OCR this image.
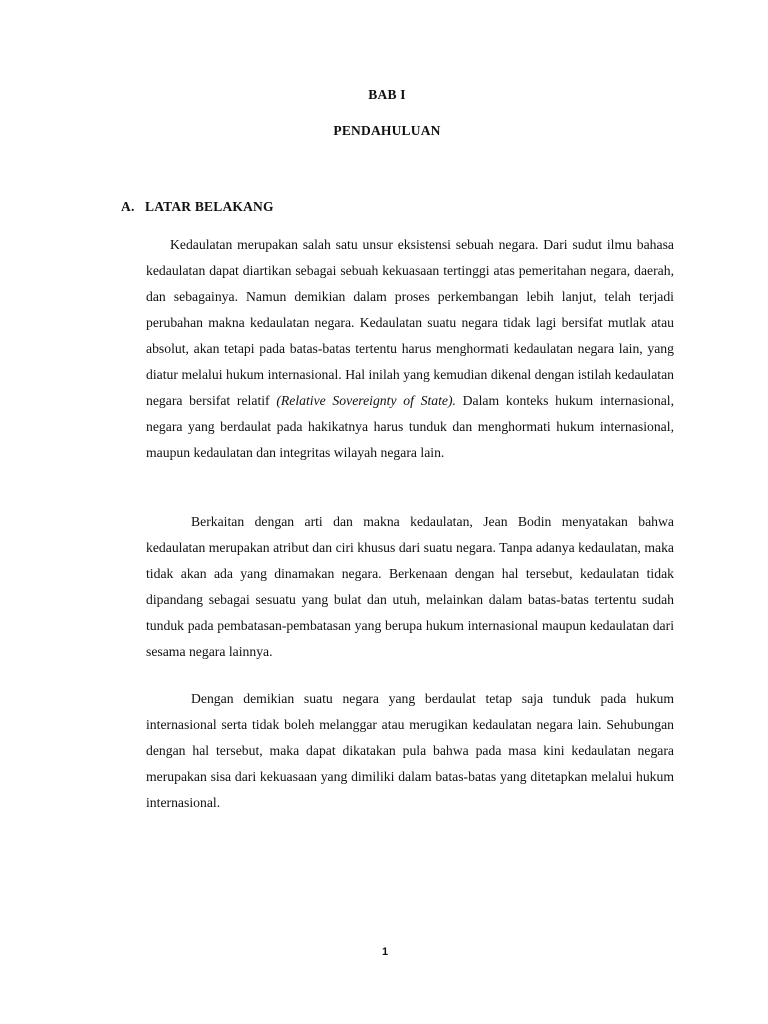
BAB I
PENDAHULUAN
A. LATAR BELAKANG

Kedaulatan merupakan salah satu unsur eksistensi sebuah negara. Dari sudut ilmu bahasa kedaulatan dapat diartikan sebagai sebuah kekuasaan tertinggi atas pemeritahan negara, daerah, dan sebagainya. Namun demikian dalam proses perkembangan lebih lanjut, telah terjadi perubahan makna kedaulatan negara. Kedaulatan suatu negara tidak lagi bersifat mutlak atau absolut, akan tetapi pada batas-batas tertentu harus menghormati kedaulatan negara lain, yang diatur melalui hukum internasional. Hal inilah yang kemudian dikenal dengan istilah kedaulatan negara bersifat relatif (Relative Sovereignty of State). Dalam konteks hukum internasional, negara yang berdaulat pada hakikatnya harus tunduk dan menghormati hukum internasional, maupun kedaulatan dan integritas wilayah negara lain.

Berkaitan dengan arti dan makna kedaulatan, Jean Bodin menyatakan bahwa kedaulatan merupakan atribut dan ciri khusus dari suatu negara. Tanpa adanya kedaulatan, maka tidak akan ada yang dinamakan negara. Berkenaan dengan hal tersebut, kedaulatan tidak dipandang sebagai sesuatu yang bulat dan utuh, melainkan dalam batas-batas tertentu sudah tunduk pada pembatasan-pembatasan yang berupa hukum internasional maupun kedaulatan dari sesama negara lainnya.

Dengan demikian suatu negara yang berdaulat tetap saja tunduk pada hukum internasional serta tidak boleh melanggar atau merugikan kedaulatan negara lain. Sehubungan dengan hal tersebut, maka dapat dikatakan pula bahwa pada masa kini kedaulatan negara merupakan sisa dari kekuasaan yang dimiliki dalam batas-batas yang ditetapkan melalui hukum internasional.

1
